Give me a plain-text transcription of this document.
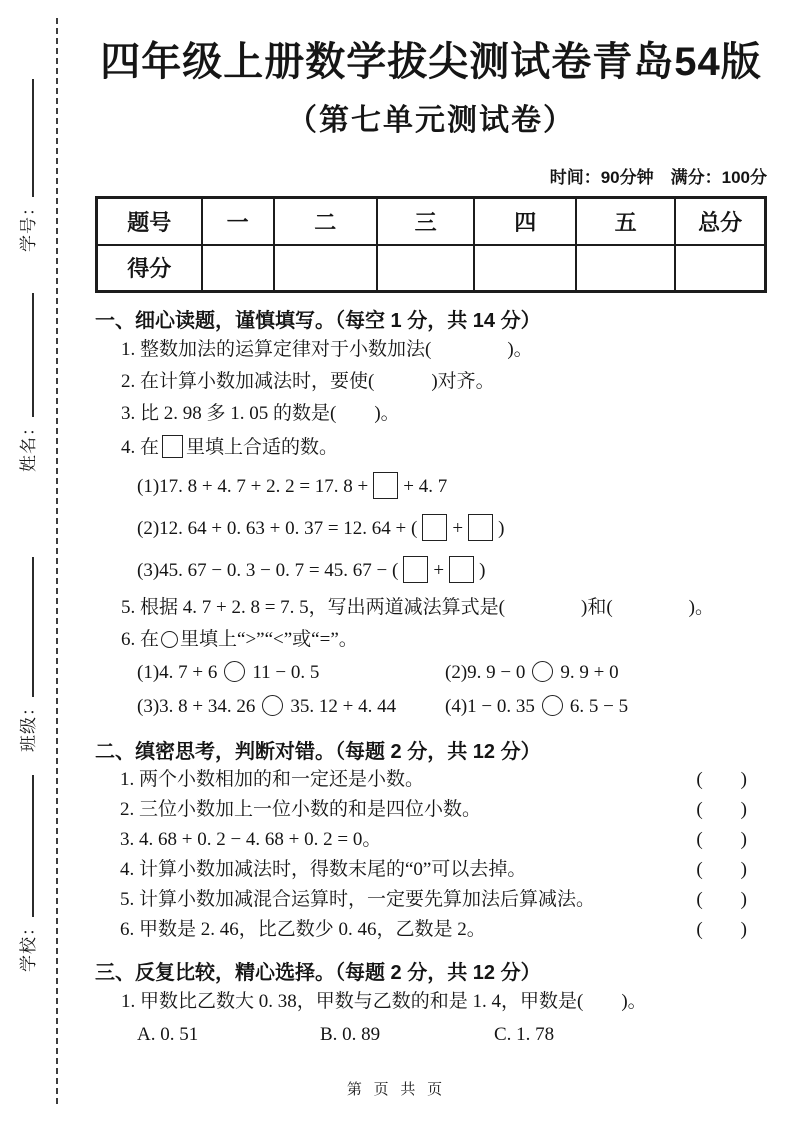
学号：
姓名：
班级：
学校：
四年级上册数学拔尖测试卷青岛54版
（第七单元测试卷）
时间：90分钟　满分：100分
题号	一	二	三	四	五	总分
得分						
一、细心读题，谨慎填写。（每空 1 分，共 14 分）
1. 整数加法的运算定律对于小数加法(　　　　)。
2. 在计算小数加减法时，要使(　　　)对齐。
3. 比 2. 98 多 1. 05 的数是(　　)。
4. 在 里填上合适的数。
(1)17. 8 + 4. 7 + 2. 2 = 17. 8 + + 4. 7
(2)12. 64 + 0. 63 + 0. 37 = 12. 64 + ( + )
(3)45. 67 − 0. 3 − 0. 7 = 45. 67 − ( + )
5. 根据 4. 7 + 2. 8 = 7. 5，写出两道减法算式是(　　　　)和(　　　　)。
6. 在 里填上“>”“<”或“=”。
(1)4. 7 + 6 11 − 0. 5	(2)9. 9 − 0 9. 9 + 0
(3)3. 8 + 34. 26 35. 12 + 4. 44	(4)1 − 0. 35 6. 5 − 5
二、缜密思考，判断对错。（每题 2 分，共 12 分）
1. 两个小数相加的和一定还是小数。	(　　)
2. 三位小数加上一位小数的和是四位小数。	(　　)
3. 4. 68 + 0. 2 − 4. 68 + 0. 2 = 0。	(　　)
4. 计算小数加减法时，得数末尾的“0”可以去掉。	(　　)
5. 计算小数加减混合运算时，一定要先算加法后算减法。	(　　)
6. 甲数是 2. 46，比乙数少 0. 46，乙数是 2。	(　　)
三、反复比较，精心选择。（每题 2 分，共 12 分）
1. 甲数比乙数大 0. 38，甲数与乙数的和是 1. 4，甲数是(　　)。
A. 0. 51	B. 0. 89	C. 1. 78
第 页 共 页
